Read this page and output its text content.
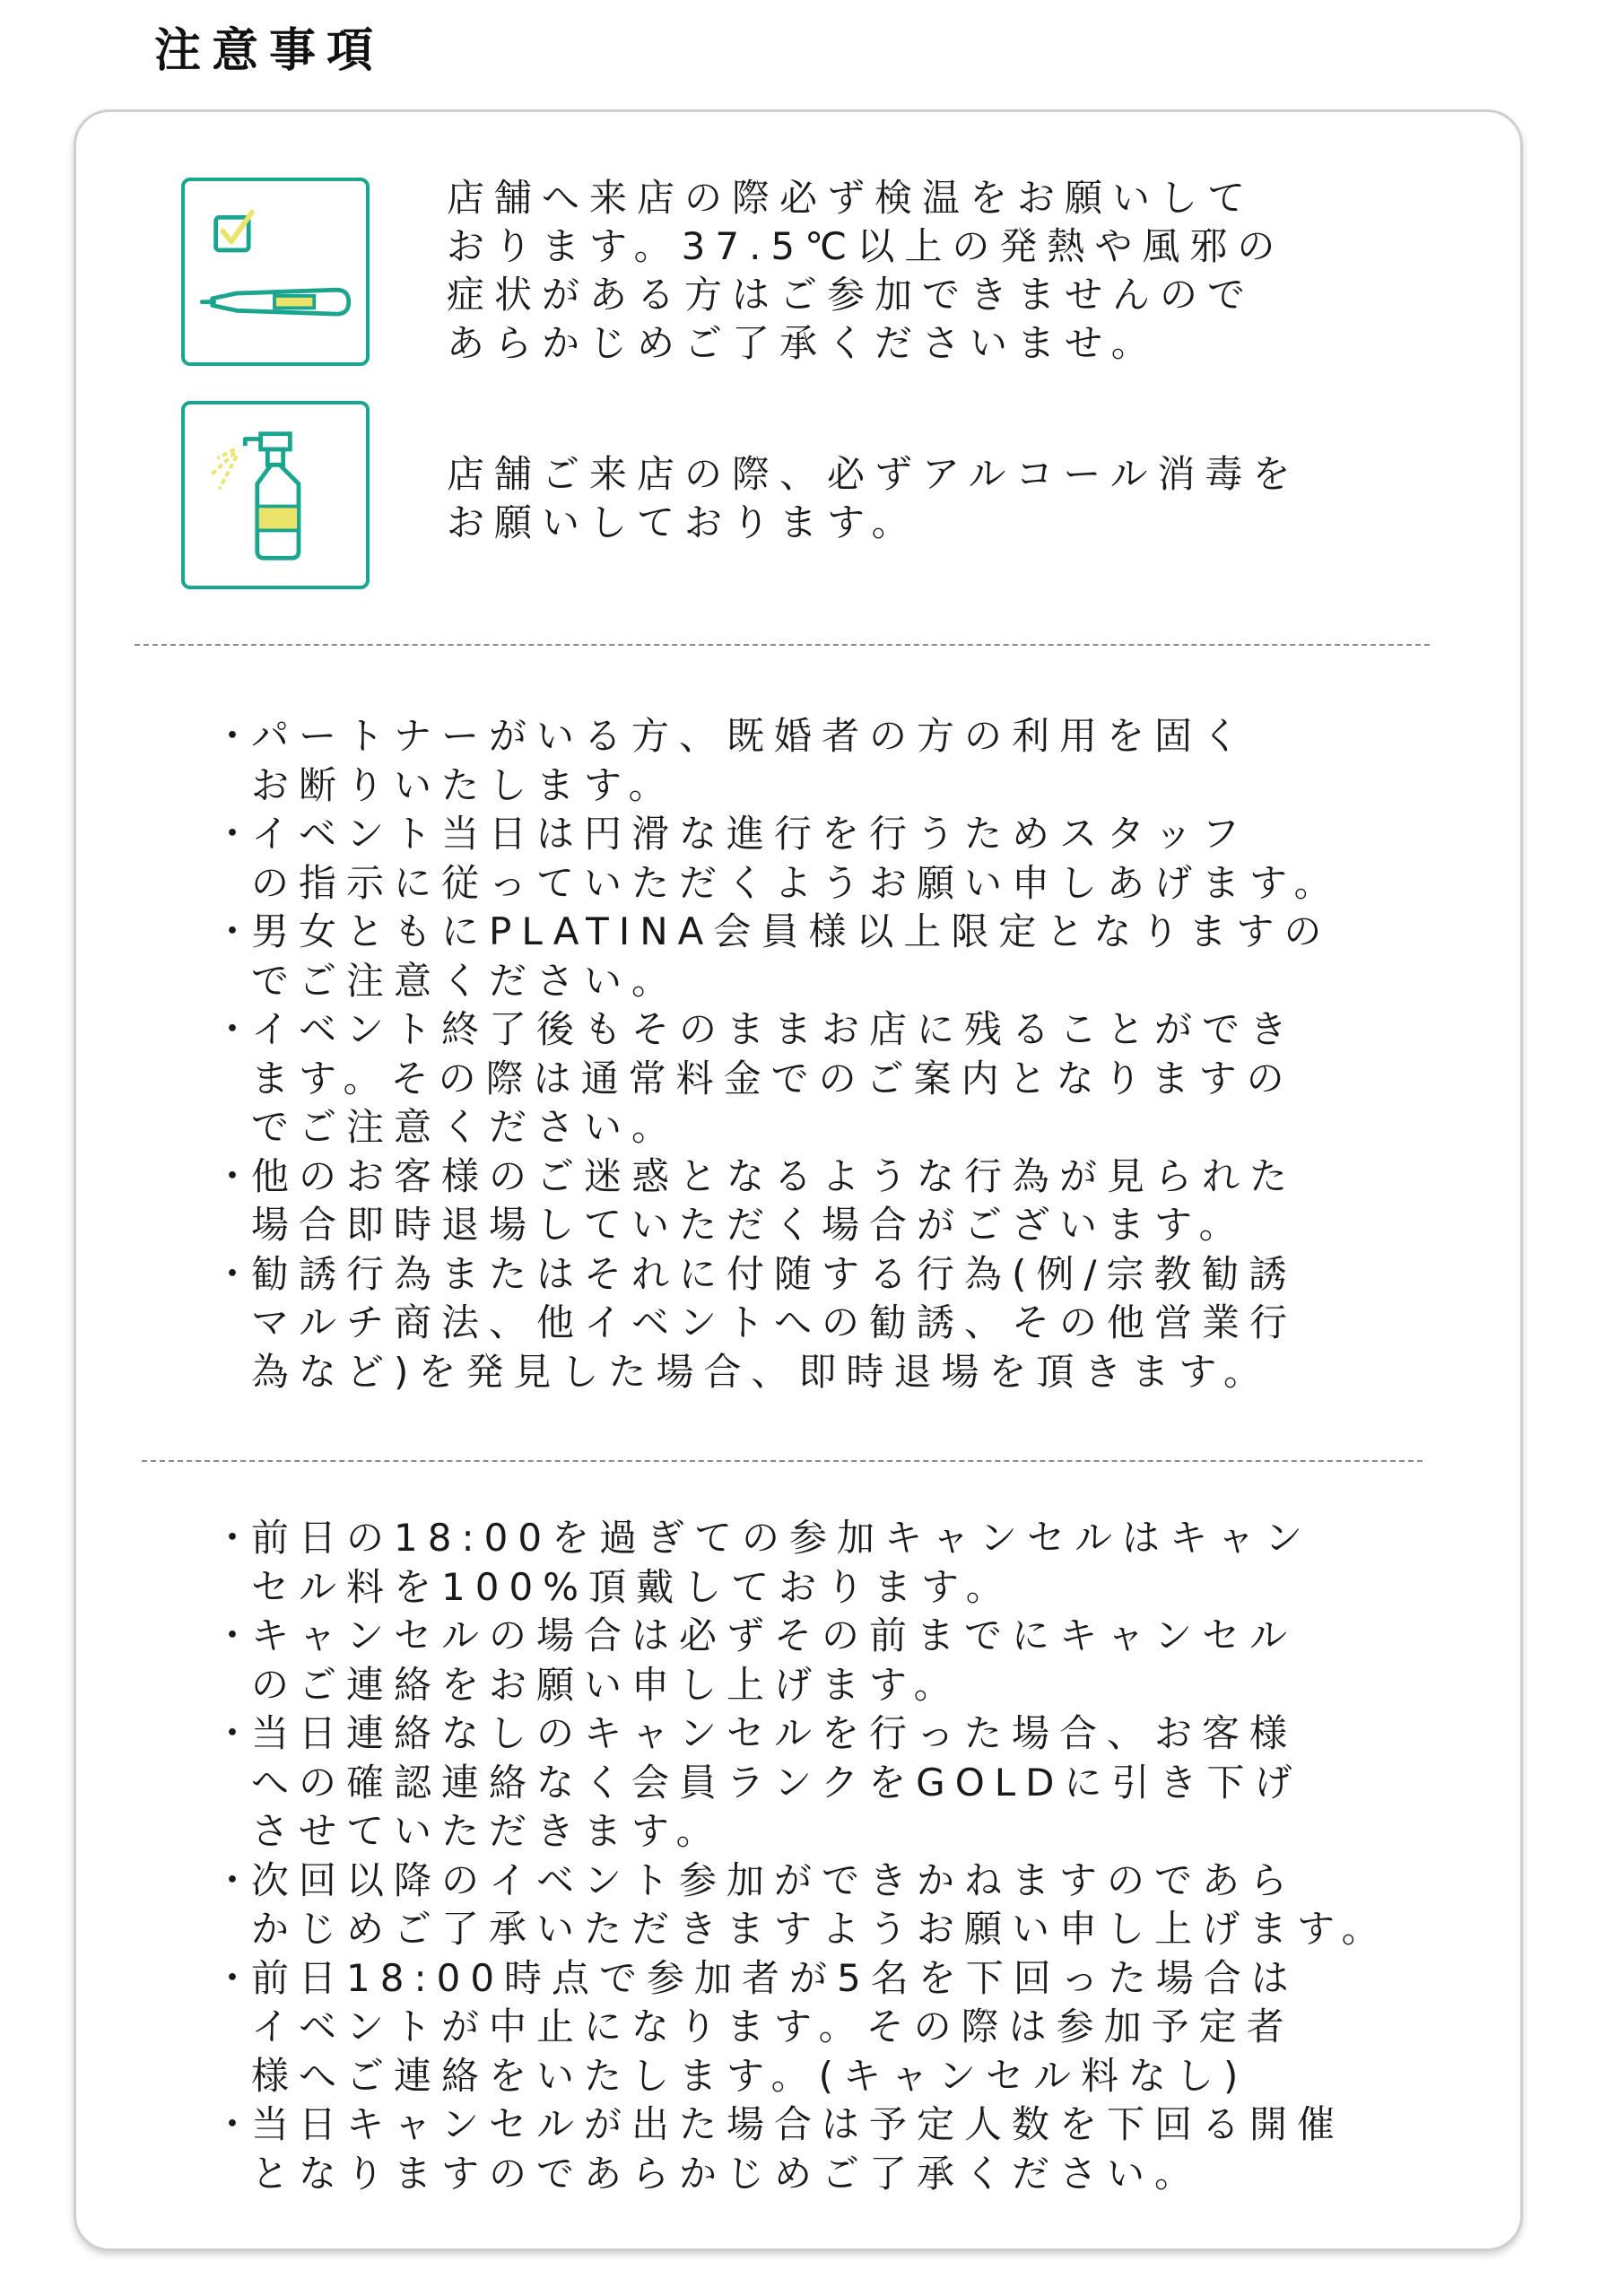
注意事項

店舗へ来店の際必ず検温をお願いして
おります。37.5℃以上の発熱や風邪の
症状がある方はご参加できませんので
あらかじめご了承くださいませ。

店舗ご来店の際、必ずアルコール消毒を
お願いしております。

・
パートナーがいる方、既婚者の方の利用を固く
お断りいたします。
・
イベント当日は円滑な進行を行うためスタッフ
の指示に従っていただくようお願い申しあげます。
・
男女ともにPLATINA会員様以上限定となりますの
でご注意ください。
・
イベント終了後もそのままお店に残ることができ
ます。その際は通常料金でのご案内となりますの
でご注意ください。
・
他のお客様のご迷惑となるような行為が見られた
場合即時退場していただく場合がございます。
・
勧誘行為またはそれに付随する行為(例/宗教勧誘
マルチ商法、他イベントへの勧誘、その他営業行
為など)を発見した場合、即時退場を頂きます。
・
前日の18:00を過ぎての参加キャンセルはキャン
セル料を100%頂戴しております。
・
キャンセルの場合は必ずその前までにキャンセル
のご連絡をお願い申し上げます。
・
当日連絡なしのキャンセルを行った場合、お客様
への確認連絡なく会員ランクをGOLDに引き下げ
させていただきます。
・
次回以降のイベント参加ができかねますのであら
かじめご了承いただきますようお願い申し上げます。
・
前日18:00時点で参加者が5名を下回った場合は
イベントが中止になります。その際は参加予定者
様へご連絡をいたします。(キャンセル料なし)
・
当日キャンセルが出た場合は予定人数を下回る開催
となりますのであらかじめご了承ください。
